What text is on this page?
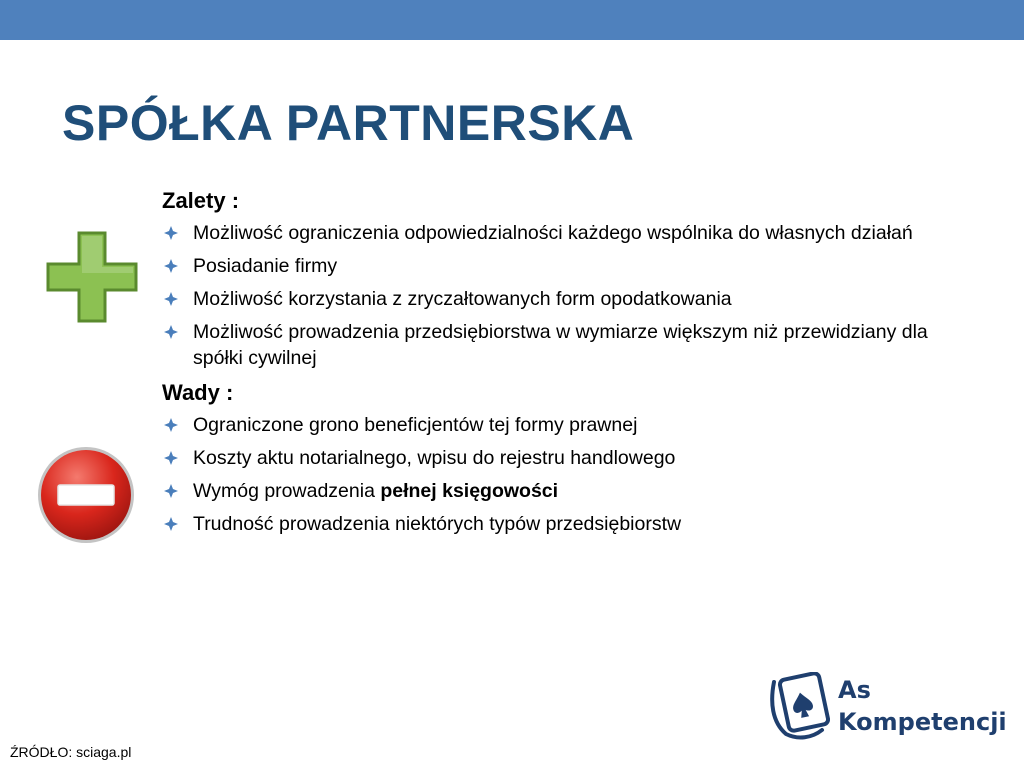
SPÓŁKA PARTNERSKA
Zalety :
Możliwość ograniczenia odpowiedzialności każdego wspólnika do własnych działań
Posiadanie firmy
Możliwość korzystania z zryczałtowanych form opodatkowania
Możliwość prowadzenia przedsiębiorstwa w wymiarze większym niż przewidziany dla spółki cywilnej
Wady :
Ograniczone grono beneficjentów tej formy prawnej
Koszty aktu notarialnego, wpisu do rejestru handlowego
Wymóg prowadzenia pełnej księgowości
Trudność prowadzenia niektórych typów przedsiębiorstw
ŹRÓDŁO: sciaga.pl
As
Kompetencji
